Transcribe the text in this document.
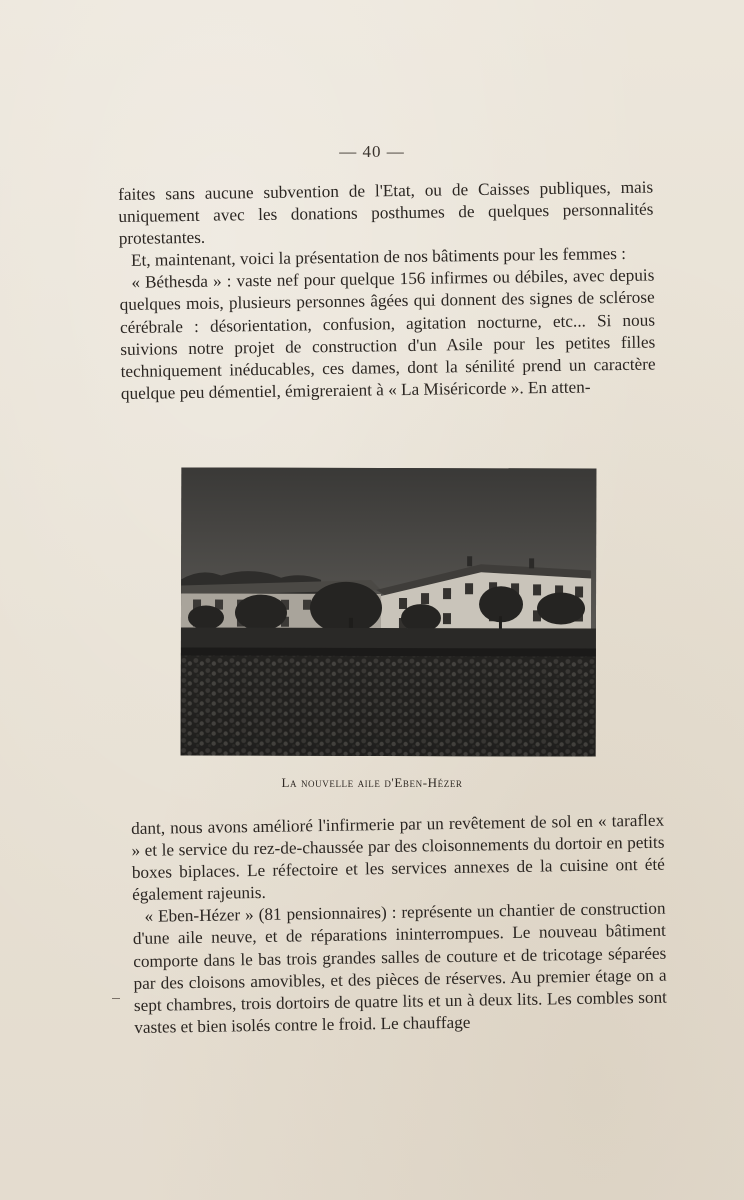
— 40 —

faites sans aucune subvention de l'Etat, ou de Caisses publiques, mais uniquement avec les donations posthumes de quelques personnalités protestantes.

Et, maintenant, voici la présentation de nos bâtiments pour les femmes :

« Béthesda » : vaste nef pour quelque 156 infirmes ou débiles, avec depuis quelques mois, plusieurs personnes âgées qui donnent des signes de sclérose cérébrale : désorientation, confusion, agitation nocturne, etc... Si nous suivions notre projet de construction d'un Asile pour les petites filles techniquement inéducables, ces dames, dont la sénilité prend un caractère quelque peu démentiel, émigreraient à « La Miséricorde ». En atten-

La nouvelle aile d'Eben-Hézer

dant, nous avons amélioré l'infirmerie par un revêtement de sol en « taraflex » et le service du rez-de-chaussée par des cloisonnements du dortoir en petits boxes biplaces. Le réfectoire et les services annexes de la cuisine ont été également rajeunis.

« Eben-Hézer » (81 pensionnaires) : représente un chantier de construction d'une aile neuve, et de réparations ininterrompues. Le nouveau bâtiment comporte dans le bas trois grandes salles de couture et de tricotage séparées par des cloisons amovibles, et des pièces de réserves. Au premier étage on a sept chambres, trois dortoirs de quatre lits et un à deux lits. Les combles sont vastes et bien isolés contre le froid. Le chauffage
